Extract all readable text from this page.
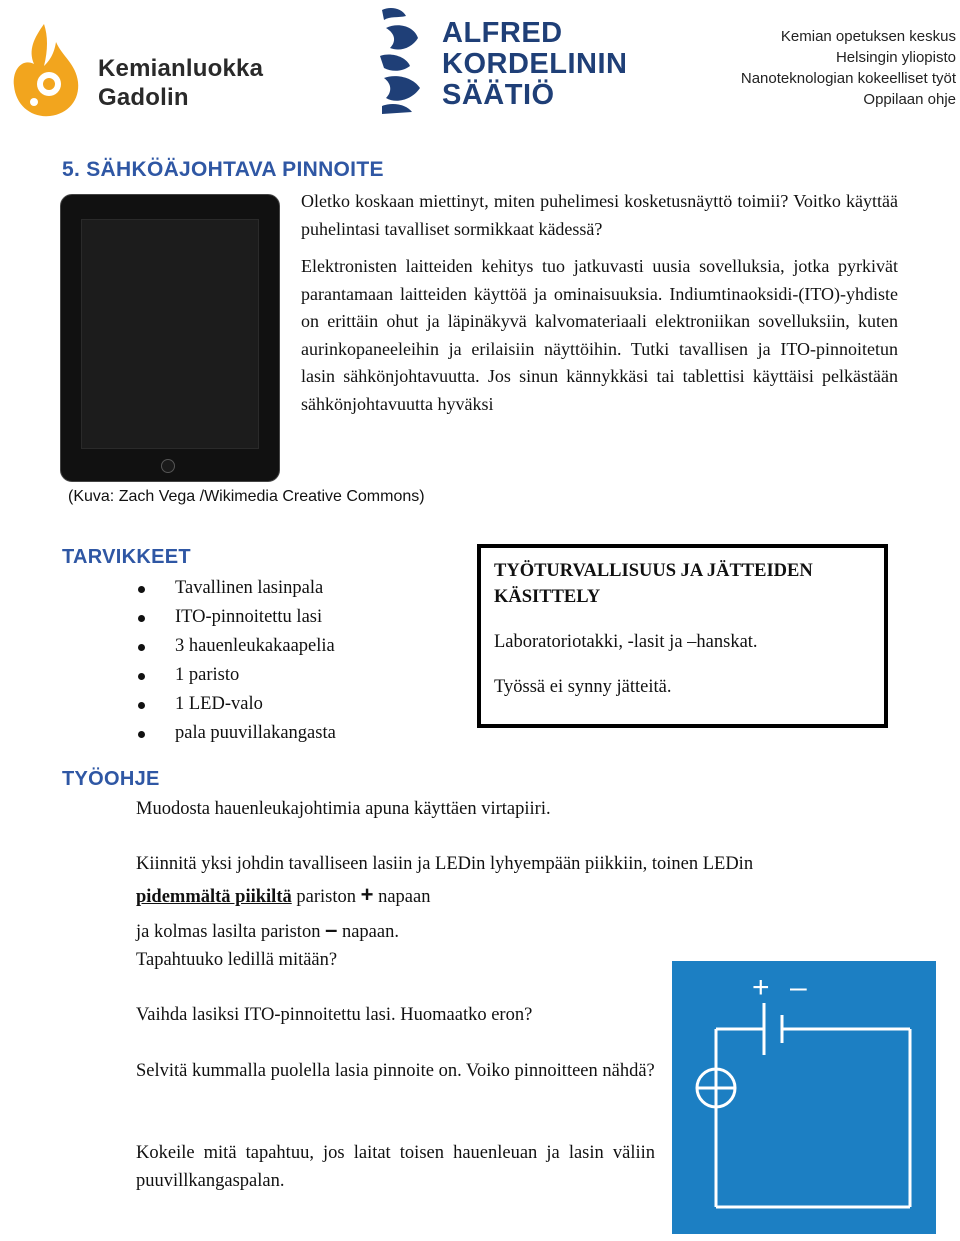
Kemianluokka
Gadolin
ALFRED
KORDELININ
SÄÄTIÖ
Kemian opetuksen keskus
Helsingin yliopisto
Nanoteknologian kokeelliset työt
Oppilaan ohje
5. SÄHKÖÄJOHTAVA PINNOITE

Oletko koskaan miettinyt, miten puhelimesi kosketusnäyttö toimii? Voitko käyttää puhelintasi tavalliset sormikkaat kädessä?

Elektronisten laitteiden kehitys tuo jatkuvasti uusia sovelluksia, jotka pyrkivät parantamaan laitteiden käyttöä ja ominaisuuksia. Indiumtinaoksidi-(ITO)-yhdiste on erittäin ohut ja läpinäkyvä kalvomateriaali elektroniikan sovelluksiin, kuten aurinkopaneeleihin ja erilaisiin näyttöihin. Tutki tavallisen ja ITO-pinnoitetun lasin sähkönjohtavuutta. Jos sinun kännykkäsi tai tablettisi käyttäisi pelkästään sähkönjohtavuutta hyväksi

(Kuva: Zach Vega /Wikimedia Creative Commons)
TARVIKKEET
Tavallinen lasinpala
ITO-pinnoitettu lasi
3 hauenleukakaapelia
1 paristo
1 LED-valo
pala puuvillakangasta
TYÖTURVALLISUUS JA JÄTTEIDEN KÄSITTELY
Laboratoriotakki, -lasit ja –hanskat.
Työssä ei synny jätteitä.
TYÖOHJE
Muodosta hauenleukajohtimia apuna käyttäen virtapiiri.
Kiinnitä yksi johdin tavalliseen lasiin ja LEDin lyhyempään piikkiin, toinen LEDin
pidemmältä piikiltä pariston + napaan
ja kolmas lasilta pariston – napaan.
Tapahtuuko ledillä mitään?
Vaihda lasiksi ITO-pinnoitettu lasi. Huomaatko eron?
Selvitä kummalla puolella lasia pinnoite on. Voiko pinnoitteen nähdä?
Kokeile mitä tapahtuu, jos laitat toisen hauenleuan ja lasin väliin puuvillkangaspalan.
+ –
